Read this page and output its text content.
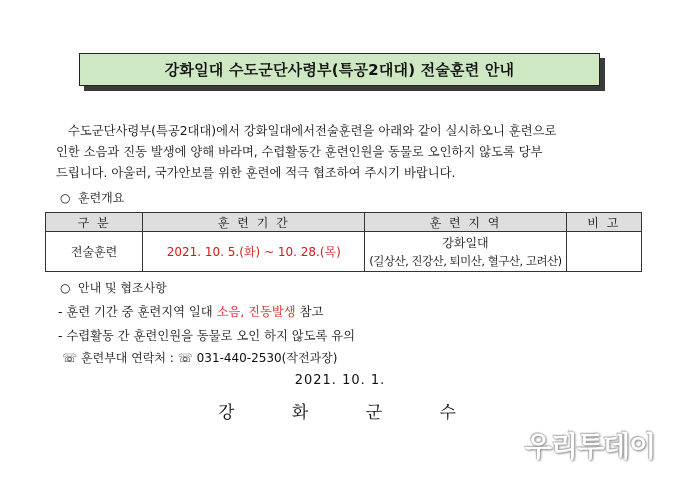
강화일대 수도군단사령부(특공2대대) 전술훈련 안내
수도군단사령부(특공2대대)에서 강화일대에서전술훈련을 아래와 같이 실시하오니 훈련으로
인한 소음과 진동 발생에 양해 바라며, 수렵활동간 훈련인원을 동물로 오인하지 않도록 당부
드립니다. 아울러, 국가안보를 위한 훈련에 적극 협조하여 주시기 바랍니다.
○ 훈련개요
구 분	훈 련 기 간	훈 련 지 역	비 고
전술훈련	2021. 10. 5.(화) ~ 10. 28.(목)	강화일대
(길상산, 진강산, 퇴미산, 혈구산, 고려산)	

○ 안내 및 협조사항
- 훈련 기간 중 훈련지역 일대 소음, 진동발생 참고
- 수렵활동 간 훈련인원을 동물로 오인 하지 않도록 유의
☏ 훈련부대 연락처 : ☏ 031-440-2530(작전과장)
2021. 10. 1.
강 화 군 수
우리투데이
